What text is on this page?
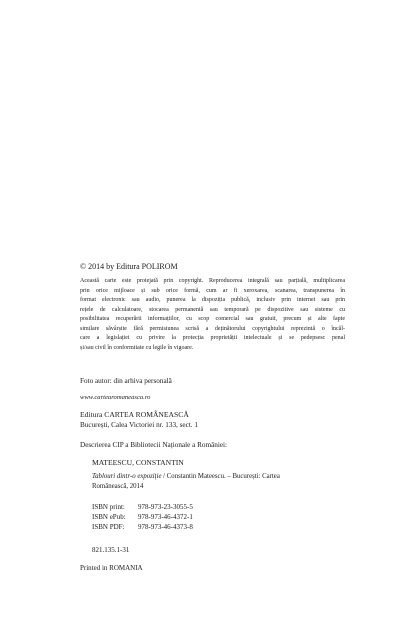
© 2014 by Editura POLIROM
Această carte este protejată prin copyright. Reproducerea integrală sau parțială, multiplicarea
prin orice mijloace și sub orice formă, cum ar fi xeroxarea, scanarea, transpunerea în
format electronic sau audio, punerea la dispoziția publică, inclusiv prin internet sau prin
rețele de calculatoare, stocarea permanentă sau temporară pe dispozitive sau sisteme cu
posibilitatea recuperării informațiilor, cu scop comercial sau gratuit, precum și alte fapte
similare săvârșite fără permisiunea scrisă a deținătorului copyrightului reprezintă o încăl-
care a legislației cu privire la protecția proprietății intelectuale și se pedepsesc penal
și/sau civil în conformitate cu legile în vigoare.
Foto autor: din arhiva personală
www.cartearomaneasca.ro
Editura CARTEA ROMÂNEASCĂ
București, Calea Victoriei nr. 133, sect. 1
Descrierea CIP a Bibliotecii Naționale a României:
MATEESCU, CONSTANTIN
Tablouri dintr-o expoziție / Constantin Mateescu. – București: Cartea
Românească, 2014
ISBN print:	978-973-23-3055-5
ISBN ePub:	978-973-46-4372-1
ISBN PDF:	978-973-46-4373-8
821.135.1-31
Printed in ROMANIA
